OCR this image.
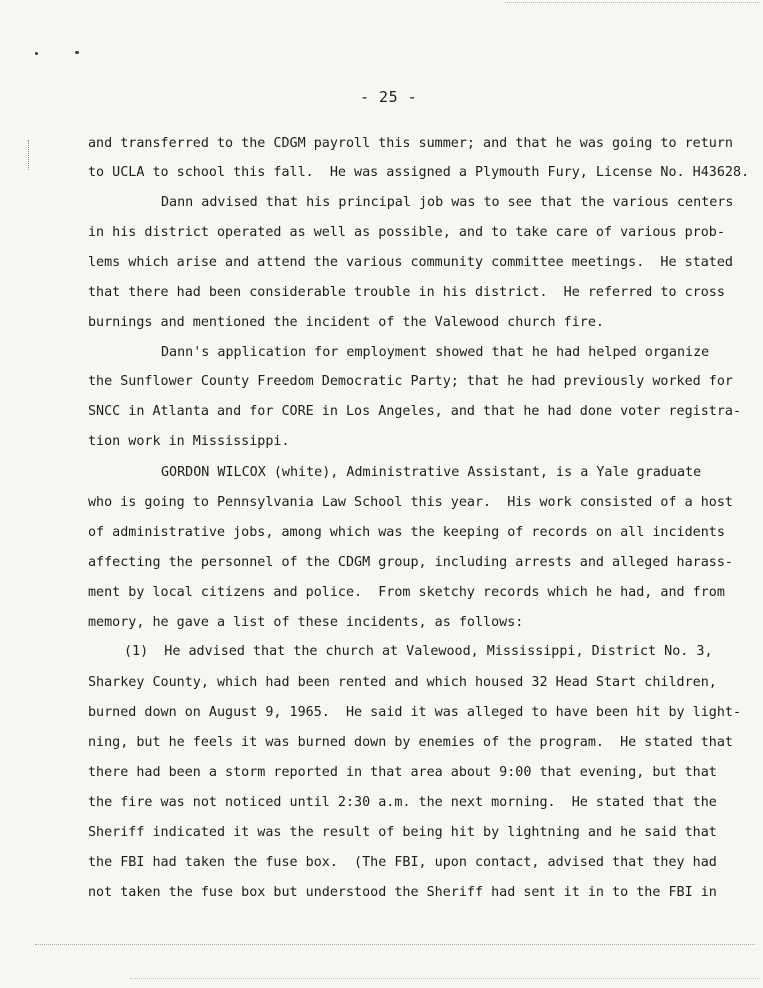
- 25 -
and transferred to the CDGM payroll this summer; and that he was going to return
to UCLA to school this fall.  He was assigned a Plymouth Fury, License No. H43628.
Dann advised that his principal job was to see that the various centers
in his district operated as well as possible, and to take care of various prob-
lems which arise and attend the various community committee meetings.  He stated
that there had been considerable trouble in his district.  He referred to cross
burnings and mentioned the incident of the Valewood church fire.
Dann's application for employment showed that he had helped organize
the Sunflower County Freedom Democratic Party; that he had previously worked for
SNCC in Atlanta and for CORE in Los Angeles, and that he had done voter registra-
tion work in Mississippi.
GORDON WILCOX (white), Administrative Assistant, is a Yale graduate
who is going to Pennsylvania Law School this year.  His work consisted of a host
of administrative jobs, among which was the keeping of records on all incidents
affecting the personnel of the CDGM group, including arrests and alleged harass-
ment by local citizens and police.  From sketchy records which he had, and from
memory, he gave a list of these incidents, as follows:
(1)  He advised that the church at Valewood, Mississippi, District No. 3,
Sharkey County, which had been rented and which housed 32 Head Start children,
burned down on August 9, 1965.  He said it was alleged to have been hit by light-
ning, but he feels it was burned down by enemies of the program.  He stated that
there had been a storm reported in that area about 9:00 that evening, but that
the fire was not noticed until 2:30 a.m. the next morning.  He stated that the
Sheriff indicated it was the result of being hit by lightning and he said that
the FBI had taken the fuse box.  (The FBI, upon contact, advised that they had
not taken the fuse box but understood the Sheriff had sent it in to the FBI in
